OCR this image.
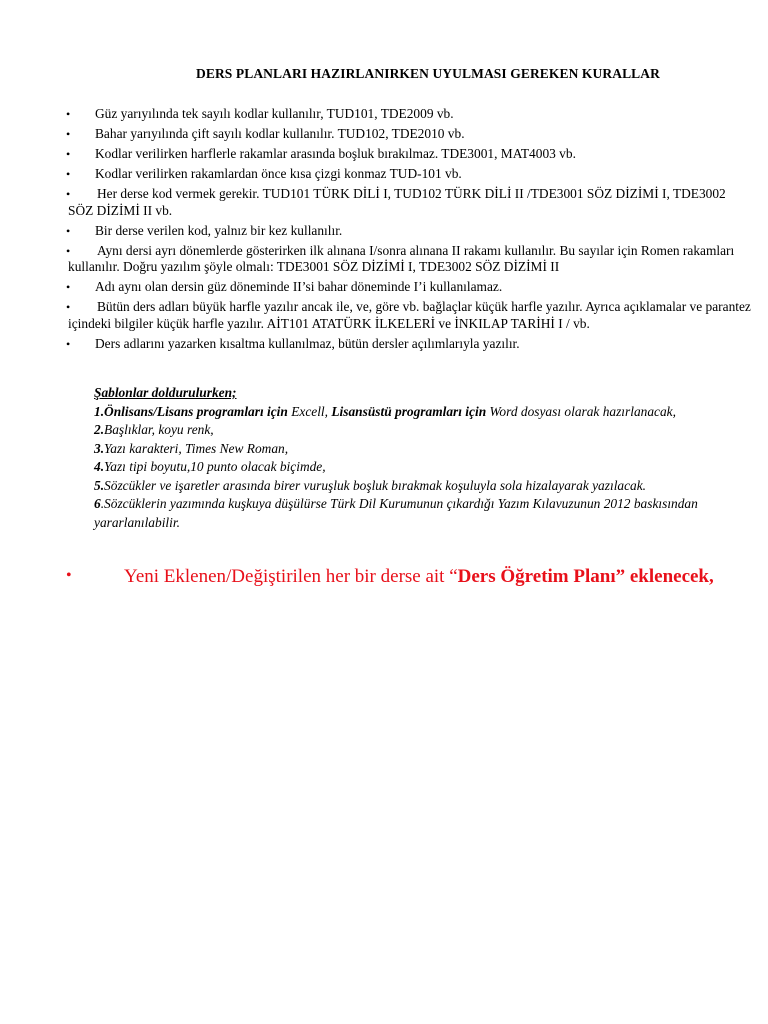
DERS PLANLARI HAZIRLANIRKEN UYULMASI GEREKEN KURALLAR
•	Güz yarıyılında tek sayılı kodlar kullanılır, TUD101, TDE2009 vb.
•	Bahar yarıyılında çift sayılı kodlar kullanılır. TUD102, TDE2010 vb.
•	Kodlar verilirken harflerle rakamlar arasında boşluk bırakılmaz. TDE3001, MAT4003 vb.
•	Kodlar verilirken rakamlardan önce kısa çizgi konmaz TUD-101 vb.
•	Her derse kod vermek gerekir. TUD101 TÜRK DİLİ I, TUD102 TÜRK DİLİ II /TDE3001 SÖZ DİZİMİ I, TDE3002
SÖZ DİZİMİ II vb.
•	Bir derse verilen kod, yalnız bir kez kullanılır.
•	Aynı dersi ayrı dönemlerde gösterirken ilk alınana I/sonra alınana II rakamı kullanılır. Bu sayılar için Romen rakamları
kullanılır. Doğru yazılım şöyle olmalı: TDE3001 SÖZ DİZİMİ I, TDE3002 SÖZ DİZİMİ II
•	Adı aynı olan dersin güz döneminde II’si bahar döneminde I’i kullanılamaz.
•	Bütün ders adları büyük harfle yazılır ancak ile, ve, göre vb. bağlaçlar küçük harfle yazılır. Ayrıca açıklamalar ve parantez
içindeki bilgiler küçük harfle yazılır. AİT101 ATATÜRK İLKELERİ ve İNKILAP TARİHİ I / vb.
•	Ders adlarını yazarken kısaltma kullanılmaz, bütün dersler açılımlarıyla yazılır.
Şablonlar doldurulurken;
1.Önlisans/Lisans programları için Excell, Lisansüstü programları için Word dosyası olarak hazırlanacak,
2.Başlıklar, koyu renk,
3.Yazı karakteri, Times New Roman,
4.Yazı tipi boyutu,10 punto olacak biçimde,
5.Sözcükler ve işaretler arasında birer vuruşluk boşluk bırakmak koşuluyla sola hizalayarak yazılacak.
6.Sözcüklerin yazımında kuşkuya düşülürse Türk Dil Kurumunun çıkardığı Yazım Kılavuzunun 2012 baskısından
yararlanılabilir.
•	Yeni Eklenen/Değiştirilen her bir derse ait “Ders Öğretim Planı” eklenecek,
